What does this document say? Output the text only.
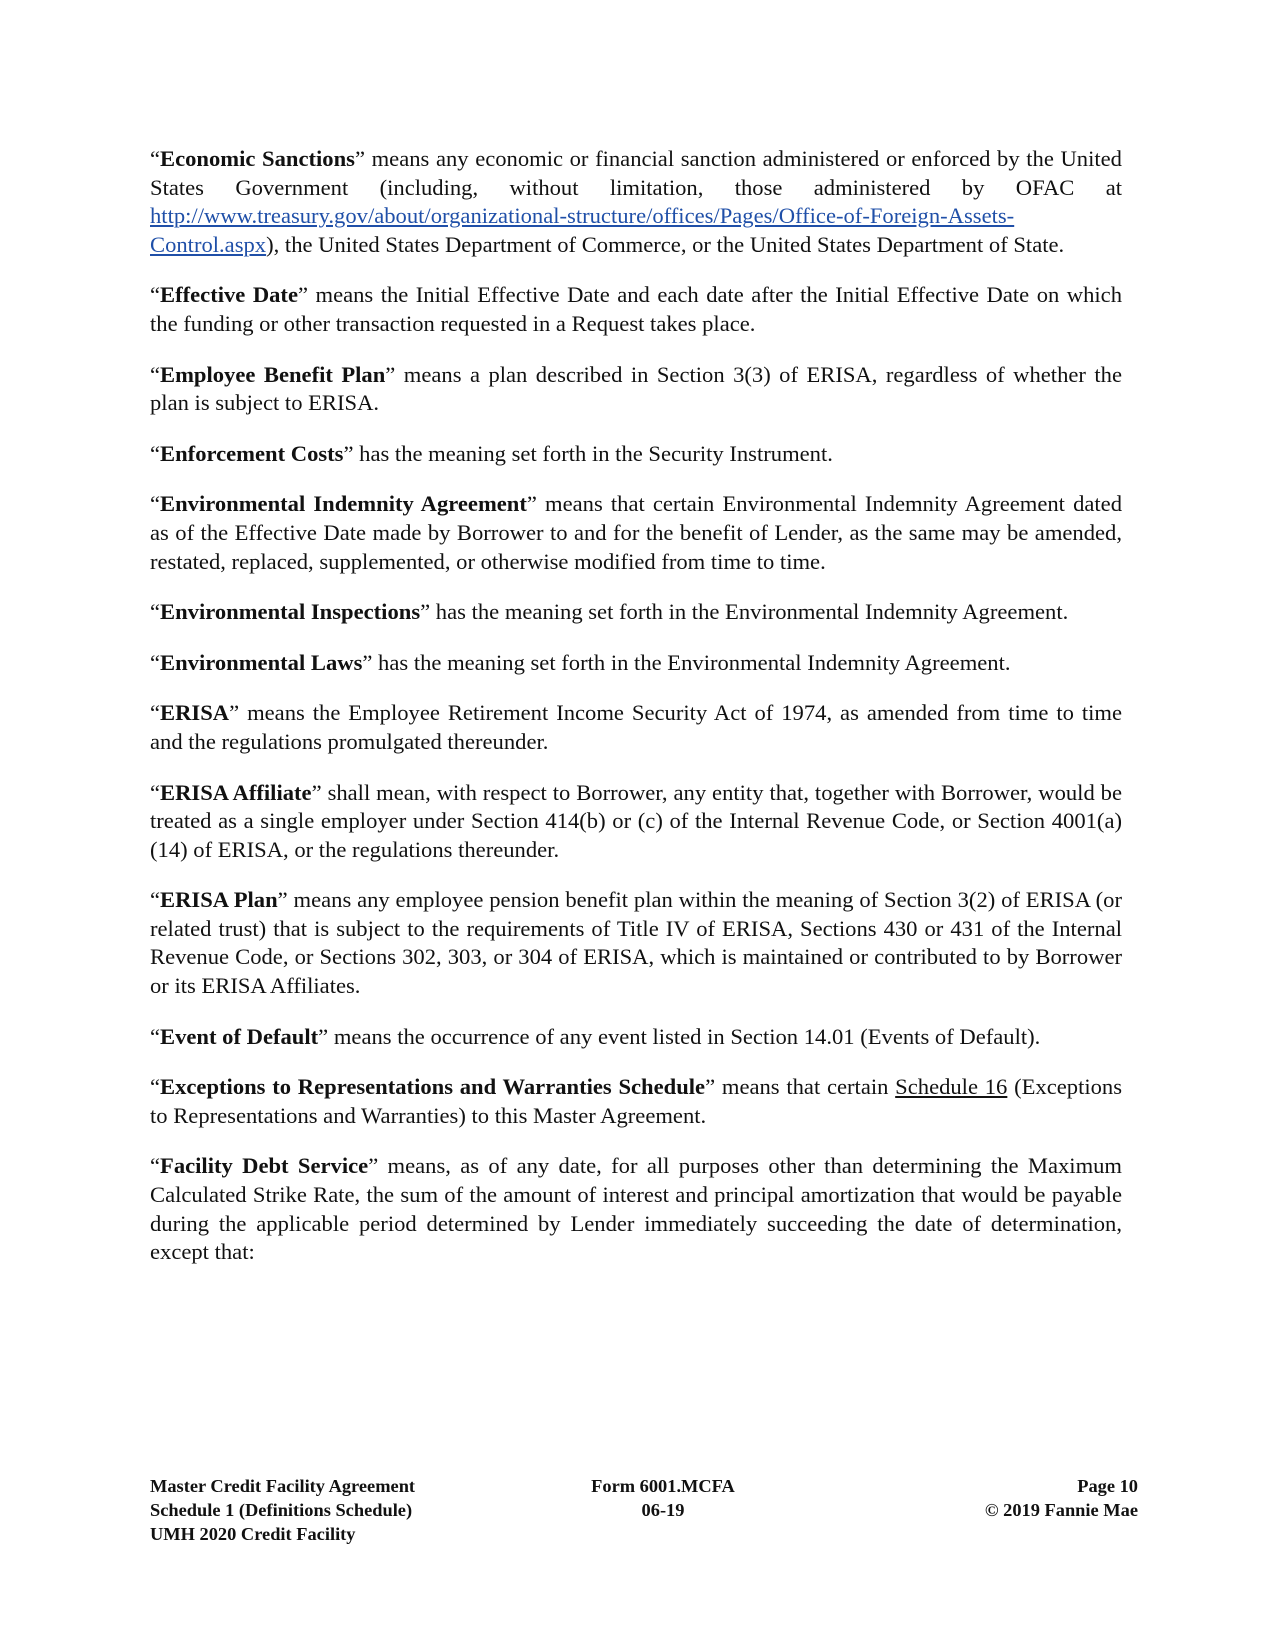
“Economic Sanctions” means any economic or financial sanction administered or enforced by the United States Government (including, without limitation, those administered by OFAC at http://www.treasury.gov/about/organizational-structure/offices/Pages/Office-of-Foreign-Assets-Control.aspx), the United States Department of Commerce, or the United States Department of State.

“Effective Date” means the Initial Effective Date and each date after the Initial Effective Date on which the funding or other transaction requested in a Request takes place.

“Employee Benefit Plan” means a plan described in Section 3(3) of ERISA, regardless of whether the plan is subject to ERISA.

“Enforcement Costs” has the meaning set forth in the Security Instrument.

“Environmental Indemnity Agreement” means that certain Environmental Indemnity Agreement dated as of the Effective Date made by Borrower to and for the benefit of Lender, as the same may be amended, restated, replaced, supplemented, or otherwise modified from time to time.

“Environmental Inspections” has the meaning set forth in the Environmental Indemnity Agreement.

“Environmental Laws” has the meaning set forth in the Environmental Indemnity Agreement.

“ERISA” means the Employee Retirement Income Security Act of 1974, as amended from time to time and the regulations promulgated thereunder.

“ERISA Affiliate” shall mean, with respect to Borrower, any entity that, together with Borrower, would be treated as a single employer under Section 414(b) or (c) of the Internal Revenue Code, or Section 4001(a)(14) of ERISA, or the regulations thereunder.

“ERISA Plan” means any employee pension benefit plan within the meaning of Section 3(2) of ERISA (or related trust) that is subject to the requirements of Title IV of ERISA, Sections 430 or 431 of the Internal Revenue Code, or Sections 302, 303, or 304 of ERISA, which is maintained or contributed to by Borrower or its ERISA Affiliates.

“Event of Default” means the occurrence of any event listed in Section 14.01 (Events of Default).

“Exceptions to Representations and Warranties Schedule” means that certain Schedule 16 (Exceptions to Representations and Warranties) to this Master Agreement.

“Facility Debt Service” means, as of any date, for all purposes other than determining the Maximum Calculated Strike Rate, the sum of the amount of interest and principal amortization that would be payable during the applicable period determined by Lender immediately succeeding the date of determination, except that:

Master Credit Facility Agreement
Schedule 1 (Definitions Schedule)
UMH 2020 Credit Facility
Form 6001.MCFA
06-19
Page 10
© 2019 Fannie Mae
